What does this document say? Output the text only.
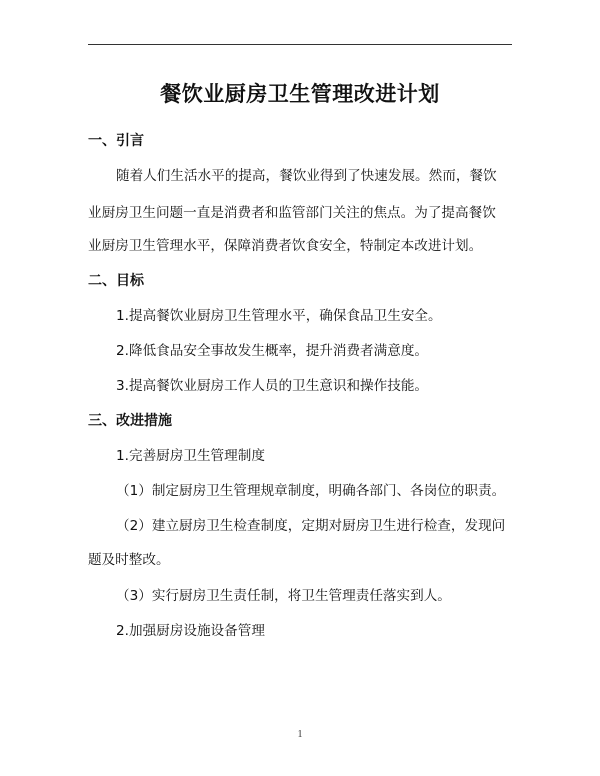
餐饮业厨房卫生管理改进计划
一、引言
随着人们生活水平的提高，餐饮业得到了快速发展。然而，餐饮
业厨房卫生问题一直是消费者和监管部门关注的焦点。为了提高餐饮
业厨房卫生管理水平，保障消费者饮食安全，特制定本改进计划。
二、目标
1.提高餐饮业厨房卫生管理水平，确保食品卫生安全。
2.降低食品安全事故发生概率，提升消费者满意度。
3.提高餐饮业厨房工作人员的卫生意识和操作技能。
三、改进措施
1.完善厨房卫生管理制度
（1）制定厨房卫生管理规章制度，明确各部门、各岗位的职责。
（2）建立厨房卫生检查制度，定期对厨房卫生进行检查，发现问
题及时整改。
（3）实行厨房卫生责任制，将卫生管理责任落实到人。
2.加强厨房设施设备管理
1
